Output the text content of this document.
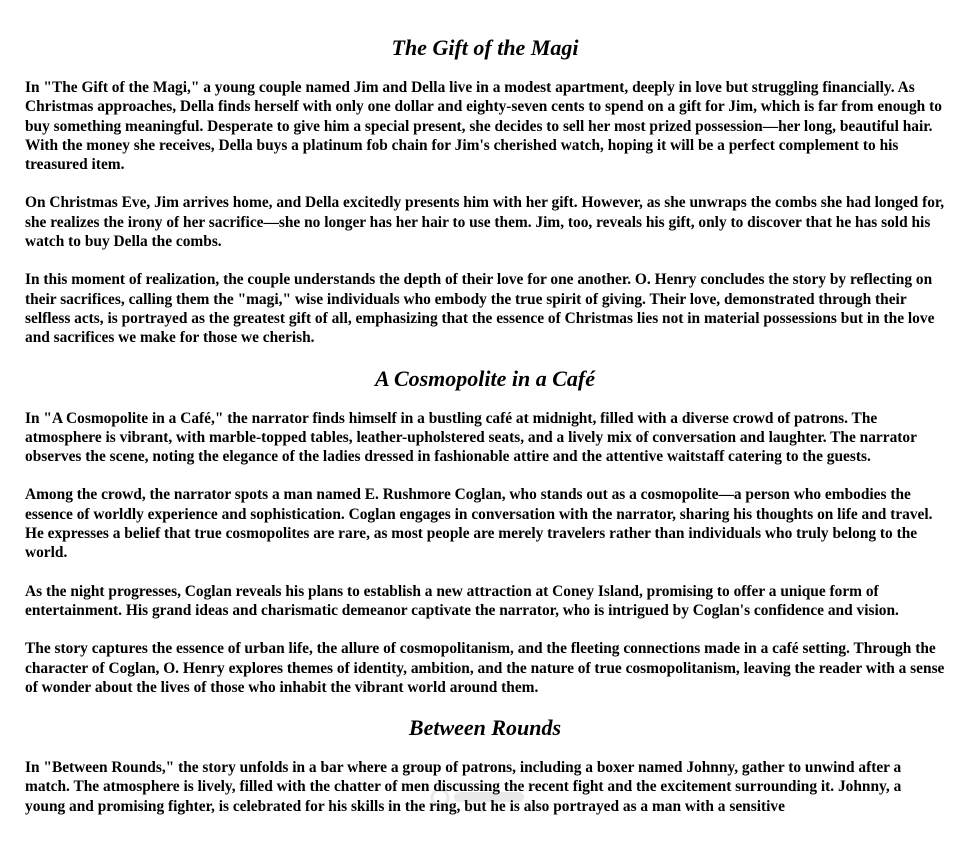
The Gift of the Magi

In "The Gift of the Magi," a young couple named Jim and Della live in a modest apartment, deeply in love but struggling financially. As Christmas approaches, Della finds herself with only one dollar and eighty-seven cents to spend on a gift for Jim, which is far from enough to buy something meaningful. Desperate to give him a special present, she decides to sell her most prized possession—her long, beautiful hair. With the money she receives, Della buys a platinum fob chain for Jim's cherished watch, hoping it will be a perfect complement to his treasured item.

On Christmas Eve, Jim arrives home, and Della excitedly presents him with her gift. However, as she unwraps the combs she had longed for, she realizes the irony of her sacrifice—she no longer has her hair to use them. Jim, too, reveals his gift, only to discover that he has sold his watch to buy Della the combs.

In this moment of realization, the couple understands the depth of their love for one another. O. Henry concludes the story by reflecting on their sacrifices, calling them the "magi," wise individuals who embody the true spirit of giving. Their love, demonstrated through their selfless acts, is portrayed as the greatest gift of all, emphasizing that the essence of Christmas lies not in material possessions but in the love and sacrifices we make for those we cherish.

A Cosmopolite in a Café

In "A Cosmopolite in a Café," the narrator finds himself in a bustling café at midnight, filled with a diverse crowd of patrons. The atmosphere is vibrant, with marble-topped tables, leather-upholstered seats, and a lively mix of conversation and laughter. The narrator observes the scene, noting the elegance of the ladies dressed in fashionable attire and the attentive waitstaff catering to the guests.

Among the crowd, the narrator spots a man named E. Rushmore Coglan, who stands out as a cosmopolite—a person who embodies the essence of worldly experience and sophistication. Coglan engages in conversation with the narrator, sharing his thoughts on life and travel. He expresses a belief that true cosmopolites are rare, as most people are merely travelers rather than individuals who truly belong to the world.

As the night progresses, Coglan reveals his plans to establish a new attraction at Coney Island, promising to offer a unique form of entertainment. His grand ideas and charismatic demeanor captivate the narrator, who is intrigued by Coglan's confidence and vision.

The story captures the essence of urban life, the allure of cosmopolitanism, and the fleeting connections made in a café setting. Through the character of Coglan, O. Henry explores themes of identity, ambition, and the nature of true cosmopolitanism, leaving the reader with a sense of wonder about the lives of those who inhabit the vibrant world around them.

Between Rounds

In "Between Rounds," the story unfolds in a bar where a group of patrons, including a boxer named Johnny, gather to unwind after a match. The atmosphere is lively, filled with the chatter of men discussing the recent fight and the excitement surrounding it. Johnny, a young and promising fighter, is celebrated for his skills in the ring, but he is also portrayed as a man with a sensitive
